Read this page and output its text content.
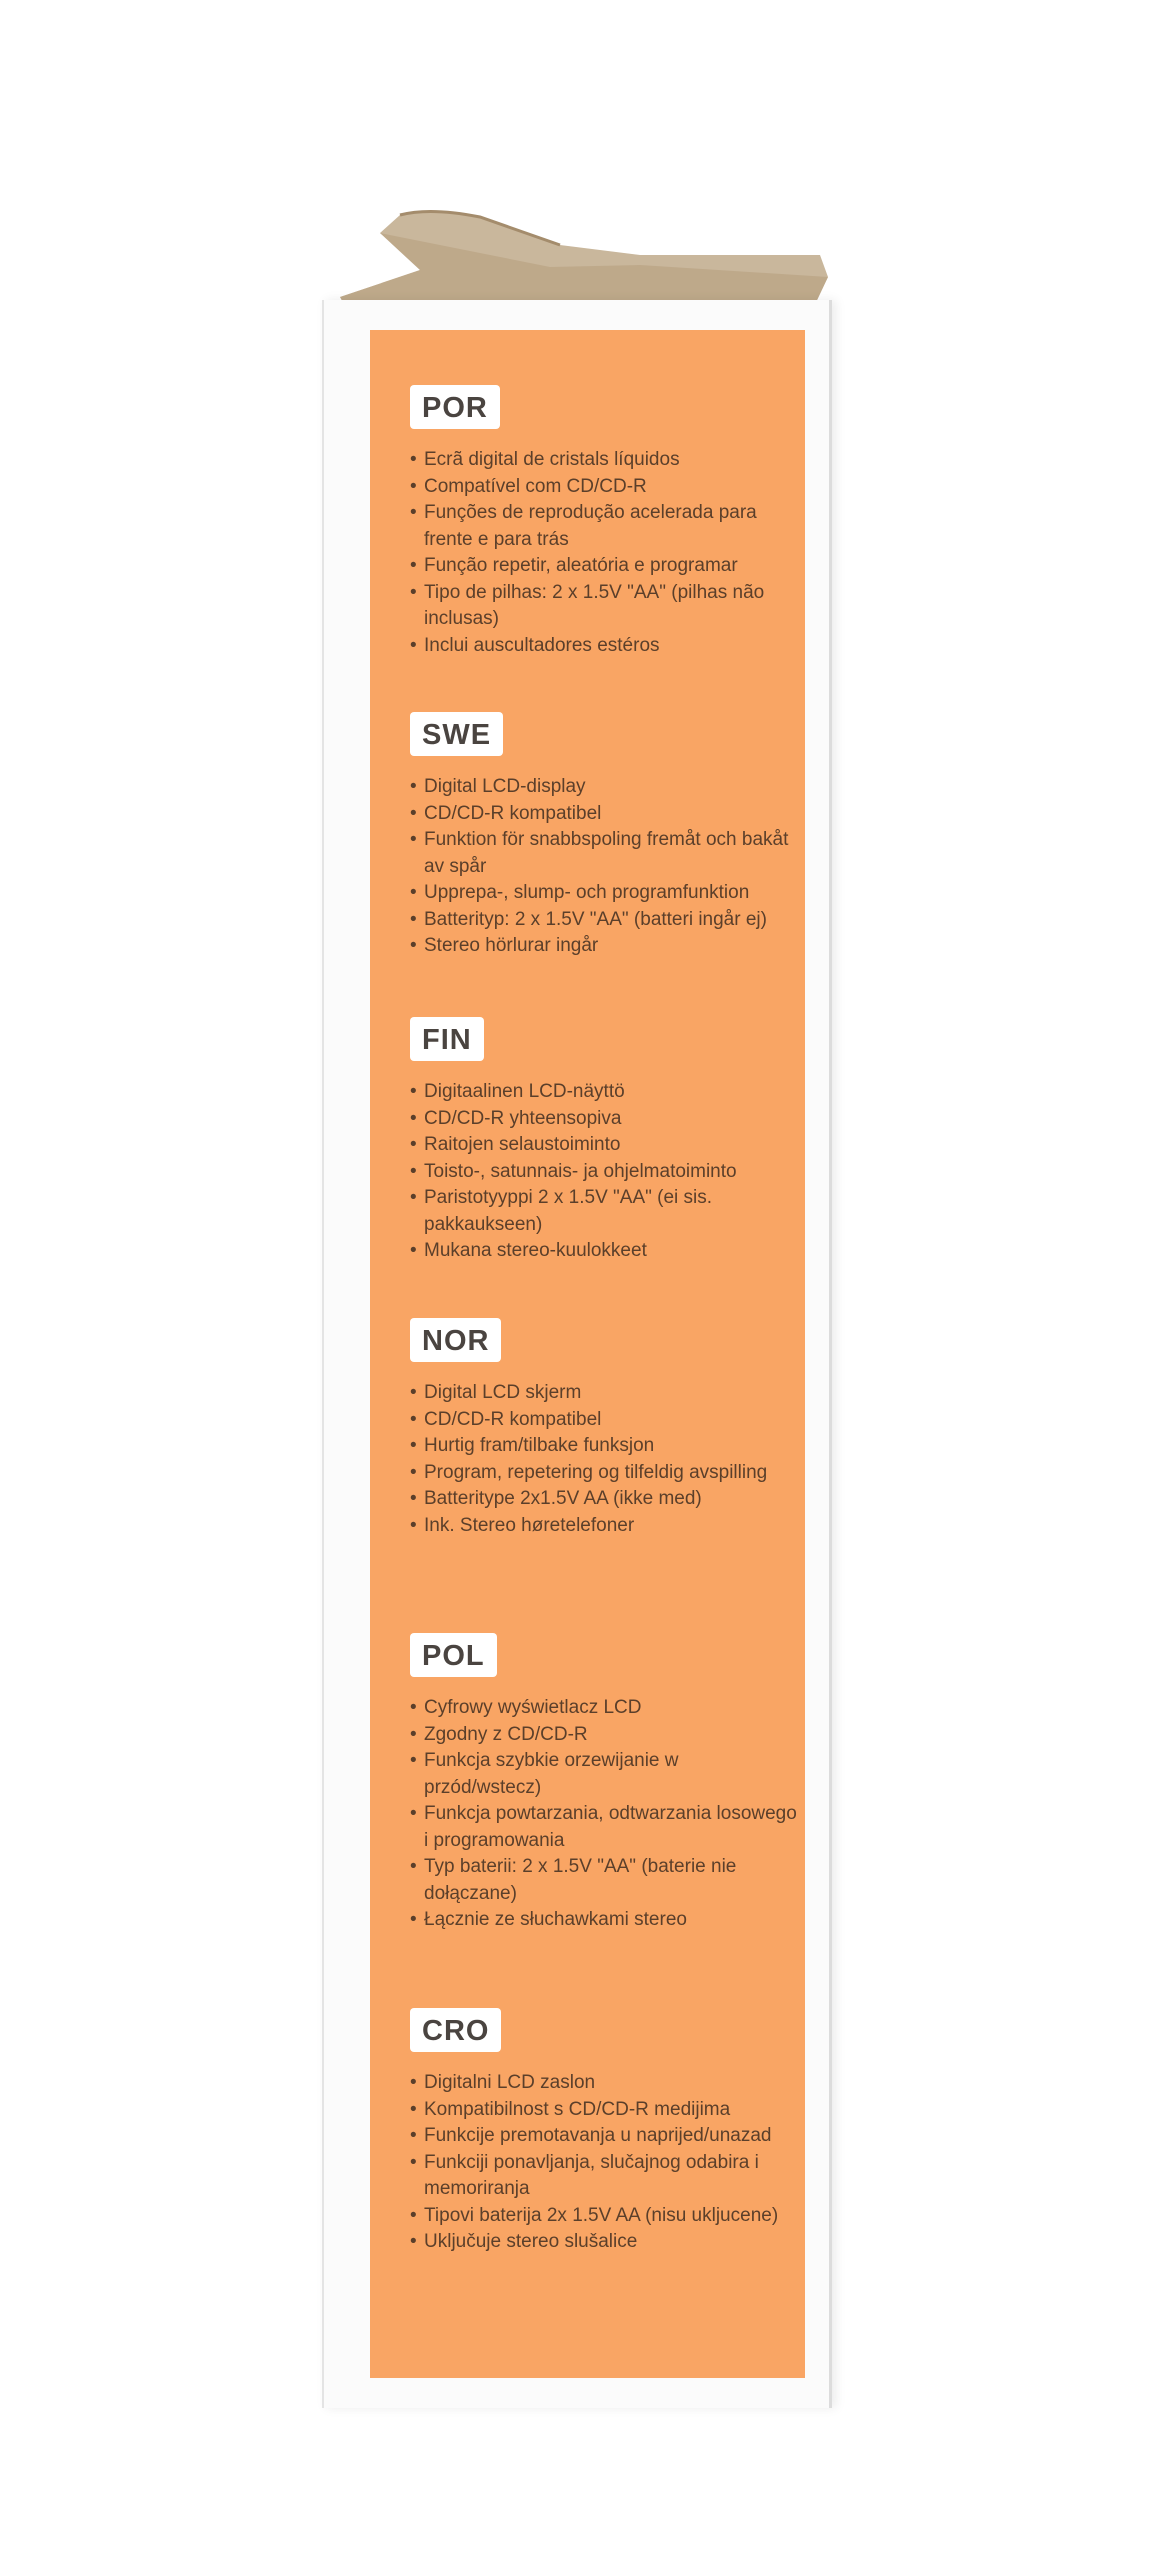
POR
• Ecrã digital de cristals líquidos
• Compatível com CD/CD-R
• Funções de reprodução acelerada para frente e para trás
• Função repetir, aleatória e programar
• Tipo de pilhas: 2 x 1.5V "AA" (pilhas não inclusas)
• Inclui auscultadores estéros
SWE
• Digital LCD-display
• CD/CD-R kompatibel
• Funktion för snabbspoling fremåt och bakåt av spår
• Upprepa-, slump- och programfunktion
• Batterityp: 2 x 1.5V "AA" (batteri ingår ej)
• Stereo hörlurar ingår
FIN
• Digitaalinen LCD-näyttö
• CD/CD-R yhteensopiva
• Raitojen selaustoiminto
• Toisto-, satunnais- ja ohjelmatoiminto
• Paristotyyppi 2 x 1.5V "AA" (ei sis. pakkaukseen)
• Mukana stereo-kuulokkeet
NOR
• Digital LCD skjerm
• CD/CD-R kompatibel
• Hurtig fram/tilbake funksjon
• Program, repetering og tilfeldig avspilling
• Batteritype 2x1.5V AA (ikke med)
• Ink. Stereo høretelefoner
POL
• Cyfrowy wyświetlacz LCD
• Zgodny z CD/CD-R
• Funkcja szybkie orzewijanie w przód/wstecz)
• Funkcja powtarzania, odtwarzania losowego i programowania
• Typ baterii: 2 x 1.5V "AA" (baterie nie dołączane)
• Łącznie ze słuchawkami stereo
CRO
• Digitalni LCD zaslon
• Kompatibilnost s CD/CD-R medijima
• Funkcije premotavanja u naprijed/unazad
• Funkciji ponavljanja, slučajnog odabira i memoriranja
• Tipovi baterija 2x 1.5V AA (nisu ukljucene)
• Uključuje stereo slušalice
